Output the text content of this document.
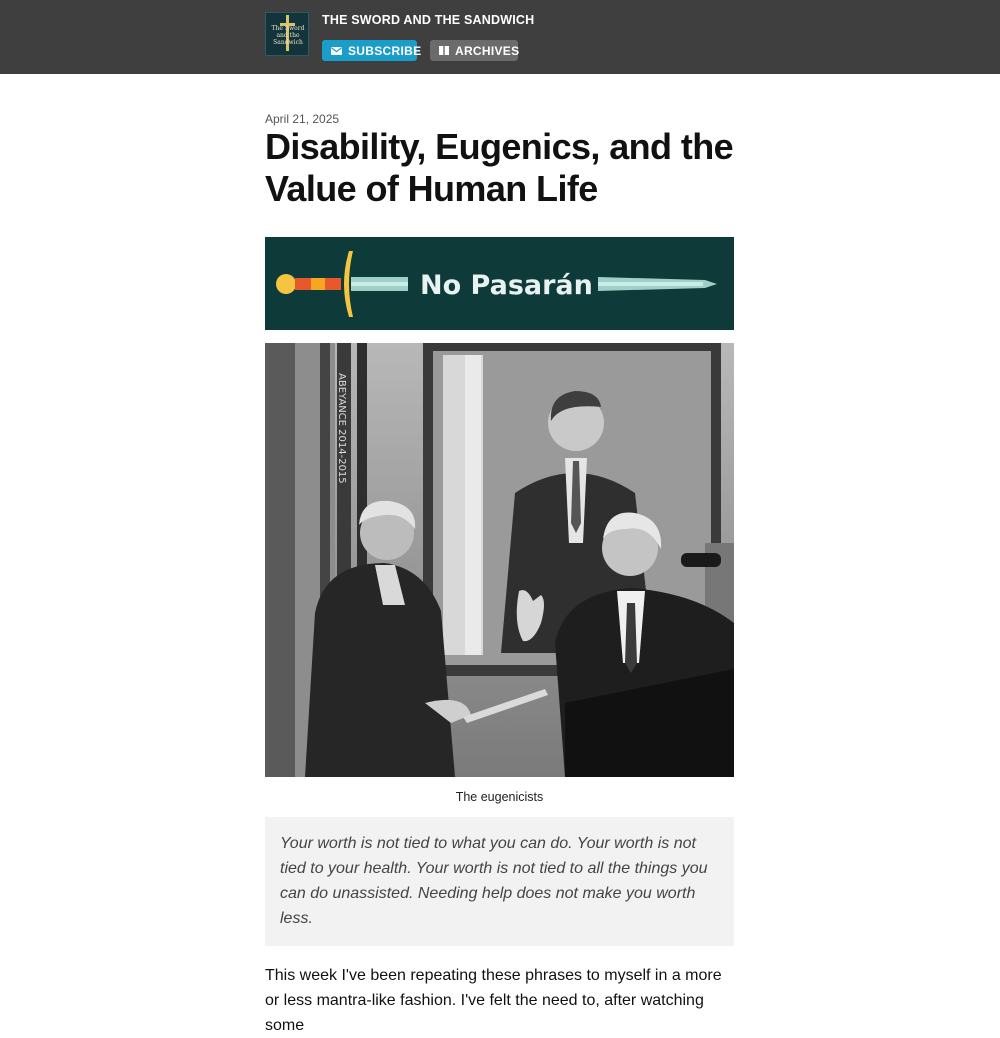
The Sword and the Sandwich
THE SWORD AND THE SANDWICH
SUBSCRIBE	ARCHIVES
April 21, 2025
Disability, Eugenics, and the Value of Human Life
No Pasarán
ABEYANCE 2014-2015
The eugenicists

Your worth is not tied to what you can do. Your worth is not tied to your health. Your worth is not tied to all the things you can do unassisted. Needing help does not make you worth less.

This week I've been repeating these phrases to myself in a more or less mantra-like fashion. I've felt the need to, after watching some
